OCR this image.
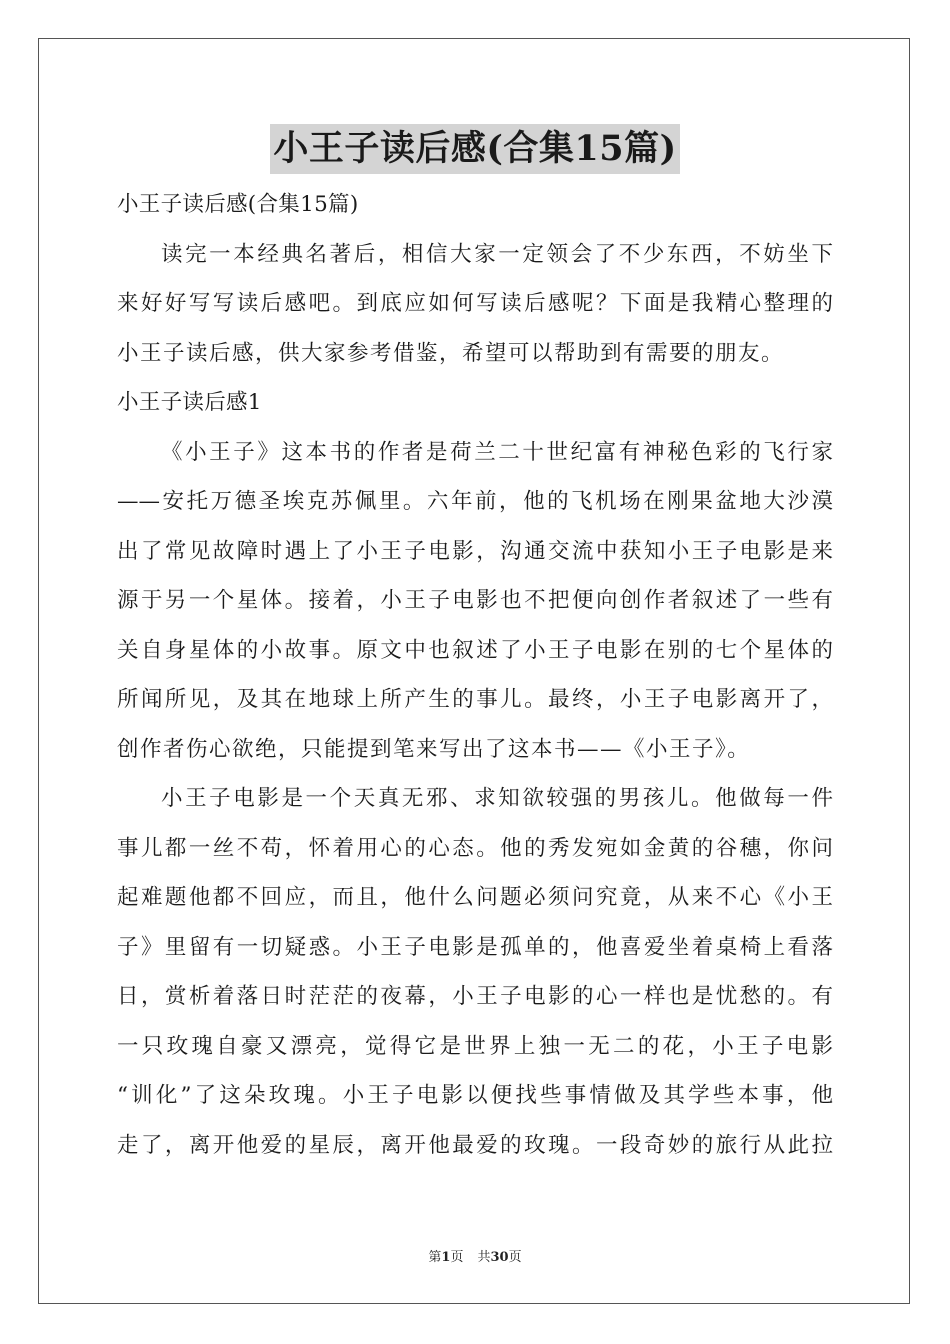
小王子读后感(合集15篇)
小王子读后感(合集15篇)
读完一本经典名著后，相信大家一定领会了不少东西，不妨坐下
来好好写写读后感吧。到底应如何写读后感呢？下面是我精心整理的
小王子读后感，供大家参考借鉴，希望可以帮助到有需要的朋友。
小王子读后感1
《小王子》这本书的作者是荷兰二十世纪富有神秘色彩的飞行家
——安托万德圣埃克苏佩里。六年前，他的飞机场在刚果盆地大沙漠
出了常见故障时遇上了小王子电影，沟通交流中获知小王子电影是来
源于另一个星体。接着，小王子电影也不把便向创作者叙述了一些有
关自身星体的小故事。原文中也叙述了小王子电影在别的七个星体的
所闻所见，及其在地球上所产生的事儿。最终，小王子电影离开了，
创作者伤心欲绝，只能提到笔来写出了这本书——《小王子》。
小王子电影是一个天真无邪、求知欲较强的男孩儿。他做每一件
事儿都一丝不苟，怀着用心的心态。他的秀发宛如金黄的谷穗，你问
起难题他都不回应，而且，他什么问题必须问究竟，从来不心《小王
子》里留有一切疑惑。小王子电影是孤单的，他喜爱坐着桌椅上看落
日，赏析着落日时茫茫的夜幕，小王子电影的心一样也是忧愁的。有
一只玫瑰自豪又漂亮，觉得它是世界上独一无二的花，小王子电影
“训化”了这朵玫瑰。小王子电影以便找些事情做及其学些本事，他
走了，离开他爱的星辰，离开他最爱的玫瑰。一段奇妙的旅行从此拉
第1页 共30页
